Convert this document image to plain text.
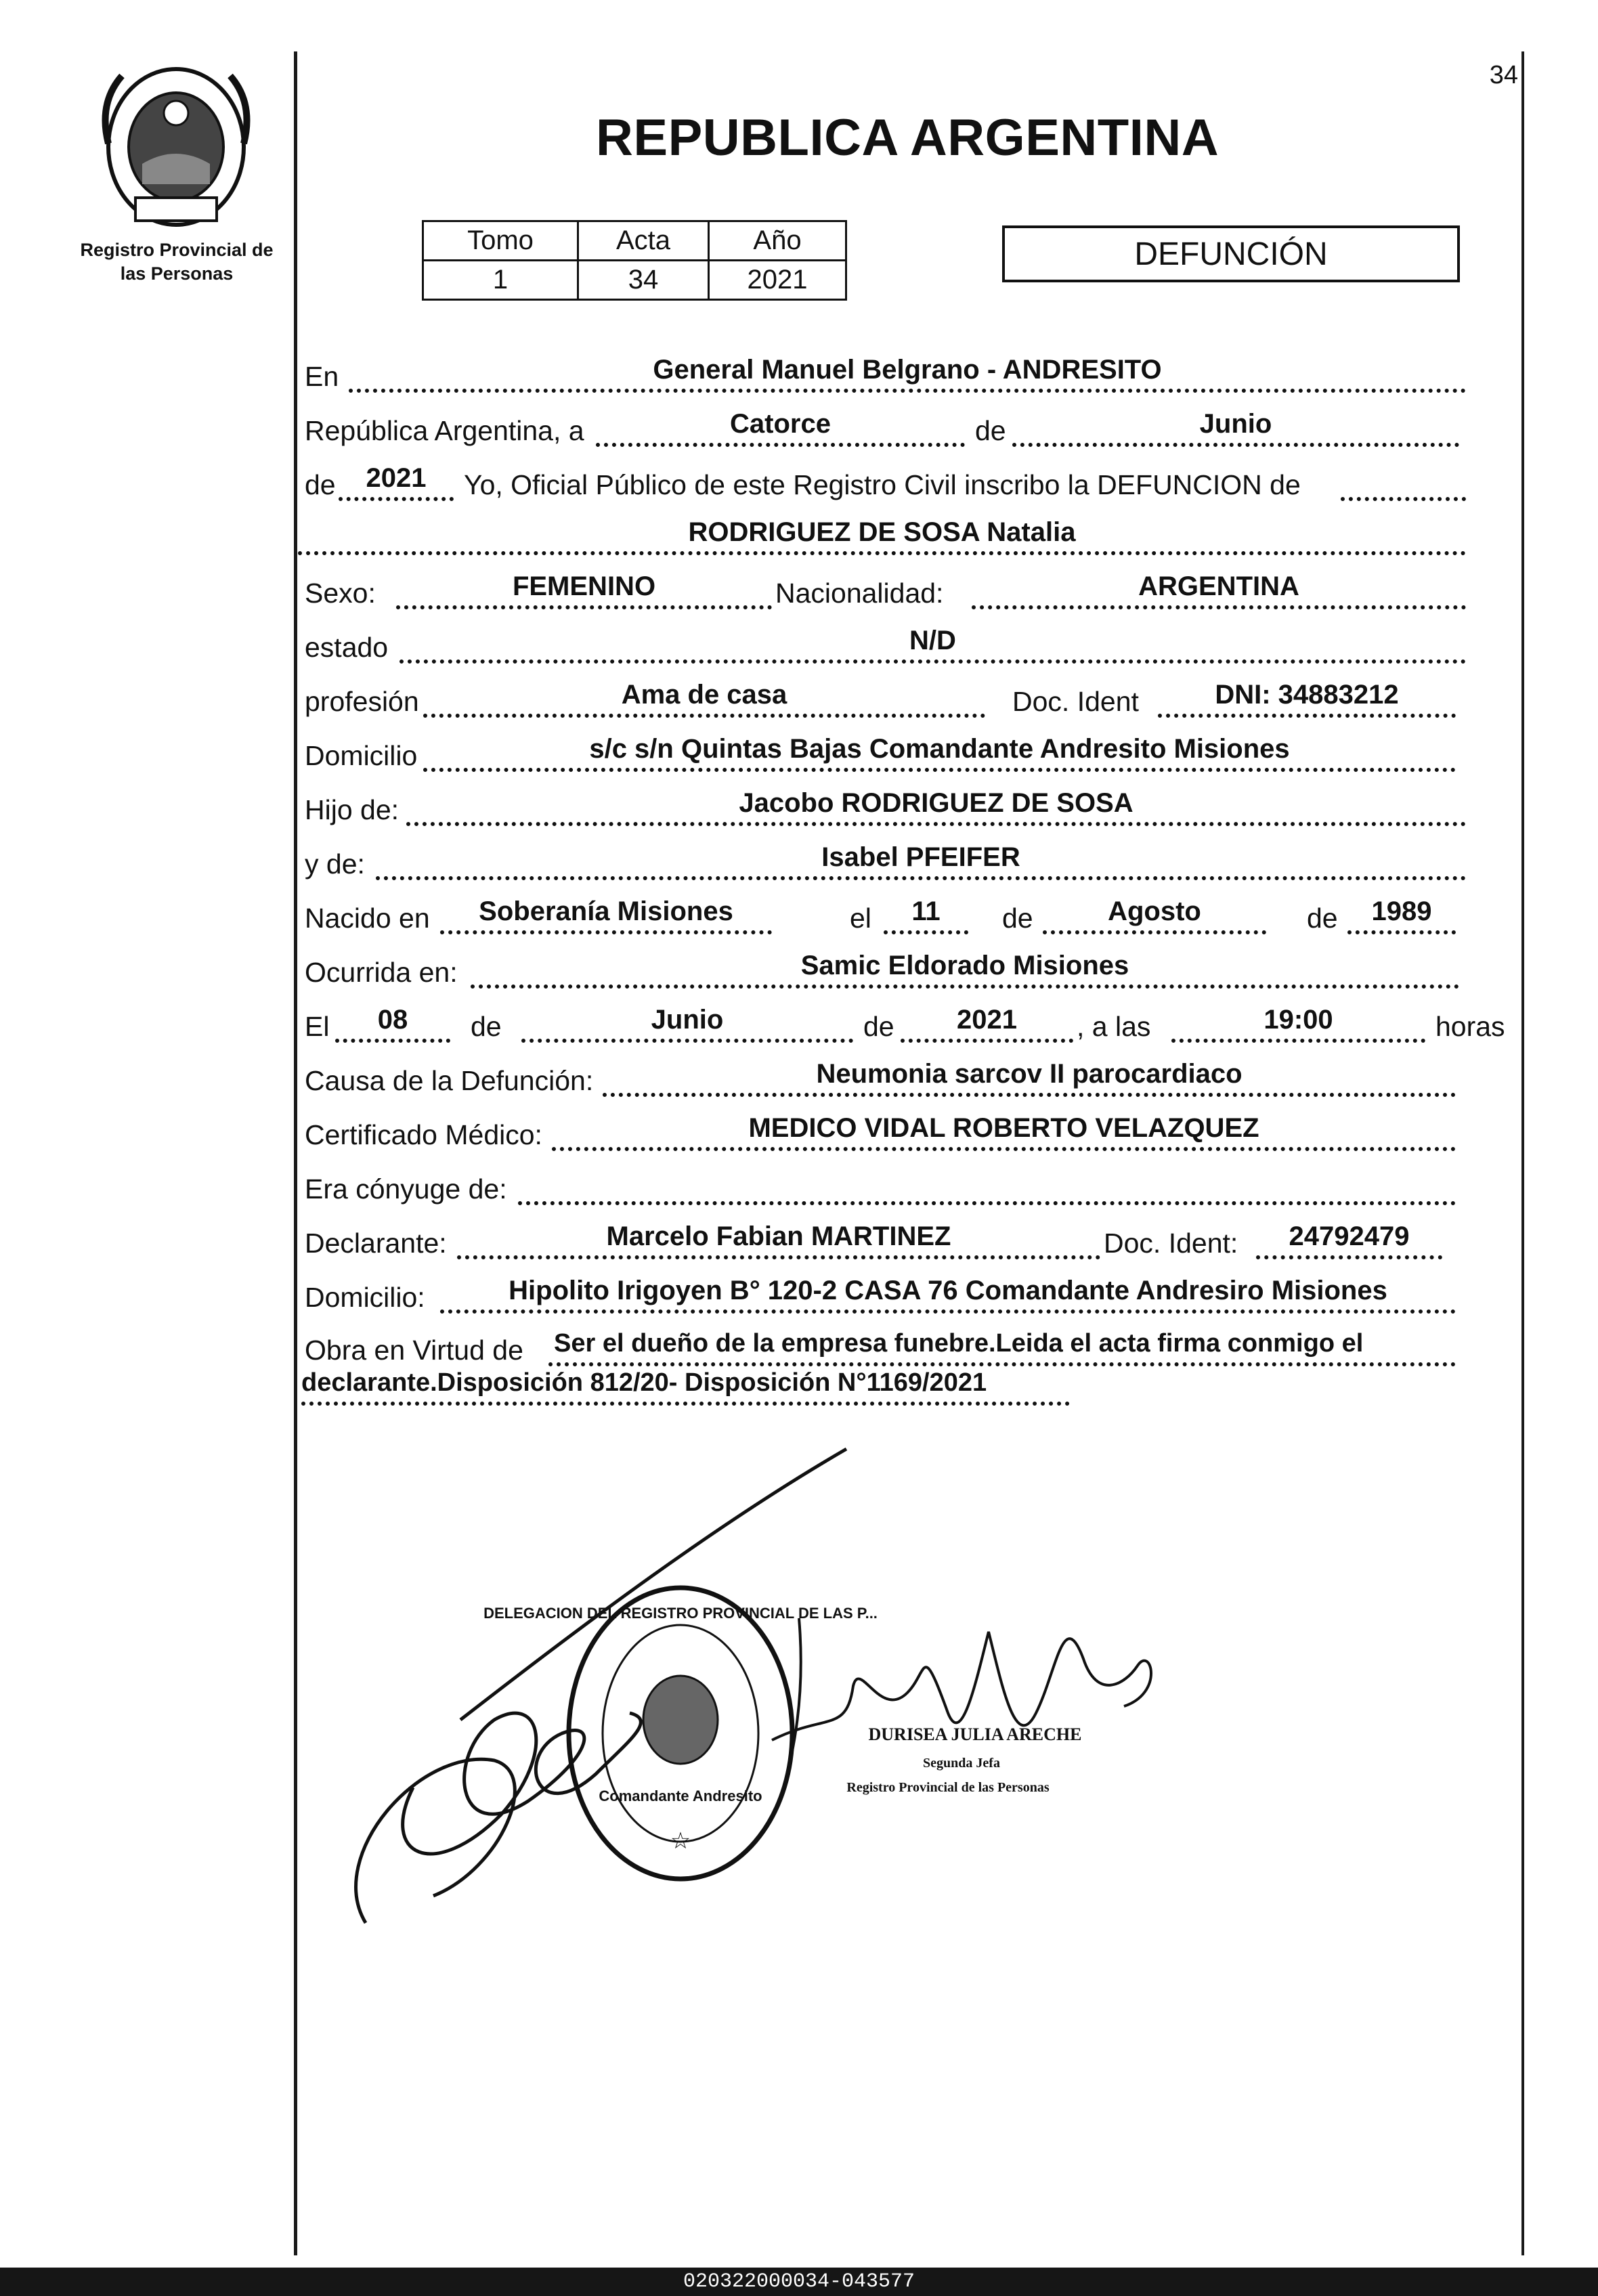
Registro Provincial de las Personas
34
REPUBLICA ARGENTINA
Tomo	Acta	Año
1	34	2021
DEFUNCIÓN
En	General Manuel Belgrano - ANDRESITO
República Argentina, a	Catorce	de	Junio
de	2021	Yo, Oficial Público de este Registro Civil inscribo la DEFUNCION de
RODRIGUEZ DE SOSA Natalia
Sexo:	FEMENINO	Nacionalidad:	ARGENTINA
estado	N/D
profesión	Ama de casa	Doc. Ident	DNI: 34883212
Domicilio	s/c s/n Quintas Bajas Comandante Andresito Misiones
Hijo de:	Jacobo RODRIGUEZ DE SOSA
y de:	Isabel PFEIFER
Nacido en	Soberanía Misiones	el	11	de	Agosto	de	1989
Ocurrida en:	Samic Eldorado Misiones
El	08	de	Junio	de	2021	, a las	19:00	horas
Causa de la Defunción:	Neumonia sarcov II parocardiaco
Certificado Médico:	MEDICO VIDAL ROBERTO VELAZQUEZ
Era cónyuge de:
Declarante:	Marcelo Fabian MARTINEZ	Doc. Ident:	24792479
Domicilio:	Hipolito Irigoyen B° 120-2 CASA 76 Comandante Andresiro Misiones
Obra en Virtud de Ser el dueño de la empresa funebre.Leida el acta firma conmigo el
declarante.Disposición 812/20- Disposición N°1169/2021
DELEGACION DEL REGISTRO PROVINCIAL DE LAS P...
Comandante Andresito
☆
DURISEA JULIA ARECHE
Segunda Jefa
Registro Provincial de las Personas
020322000034-043577
